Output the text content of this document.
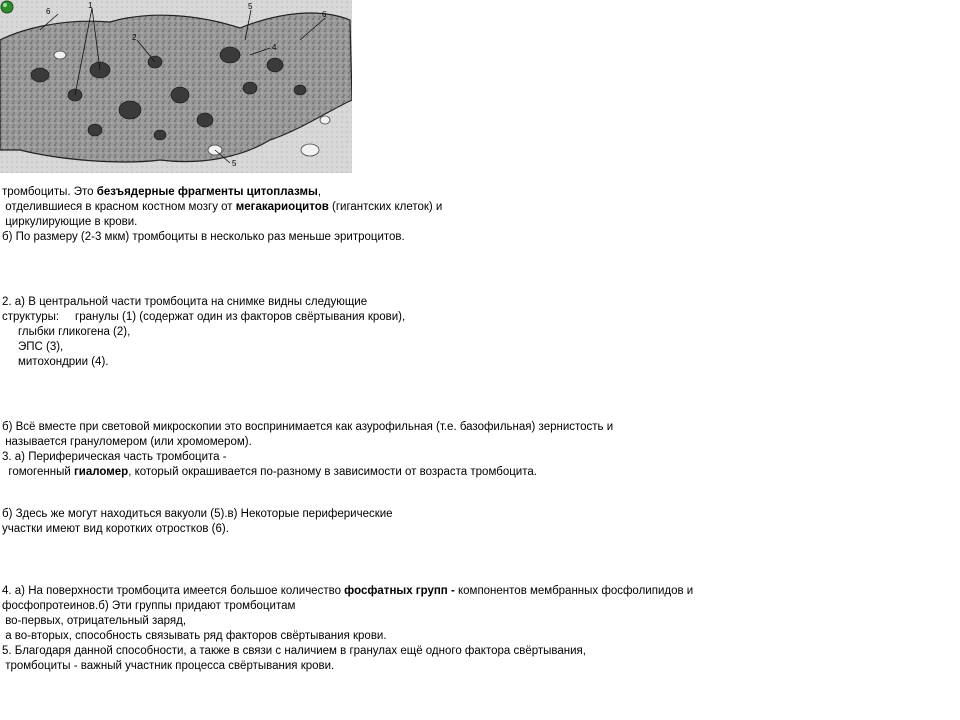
6
1	5
6
2
4
5
тромбоциты. Это безъядерные фрагменты цитоплазмы,
отделившиеся в красном костном мозгу от мегакариоцитов (гигантских клеток) и
циркулирующие в крови.
б) По размеру (2-3 мкм) тромбоциты в несколько раз меньше эритроцитов.
2. а) В центральной части тромбоцита на снимке видны следующие
структуры:     гранулы (1) (содержат один из факторов свёртывания крови),
глыбки гликогена (2),
ЭПС (3),
митохондрии (4).
б) Всё вместе при световой микроскопии это воспринимается как азурофильная (т.е. базофильная) зернистость и
называется грануломером (или хромомером).
3. а) Периферическая часть тромбоцита -
гомогенный гиаломер, который окрашивается по-разному в зависимости от возраста тромбоцита.
б) Здесь же могут находиться вакуоли (5).в) Некоторые периферические
участки имеют вид коротких отростков (6).
4. а) На поверхности тромбоцита имеется большое количество фосфатных групп - компонентов мембранных фосфолипидов и
фосфопротеинов.б) Эти группы придают тромбоцитам
во-первых, отрицательный заряд,
а во-вторых, способность связывать ряд факторов свёртывания крови.
5. Благодаря данной способности, а также в связи с наличием в гранулах ещё одного фактора свёртывания,
тромбоциты - важный участник процесса свёртывания крови.
